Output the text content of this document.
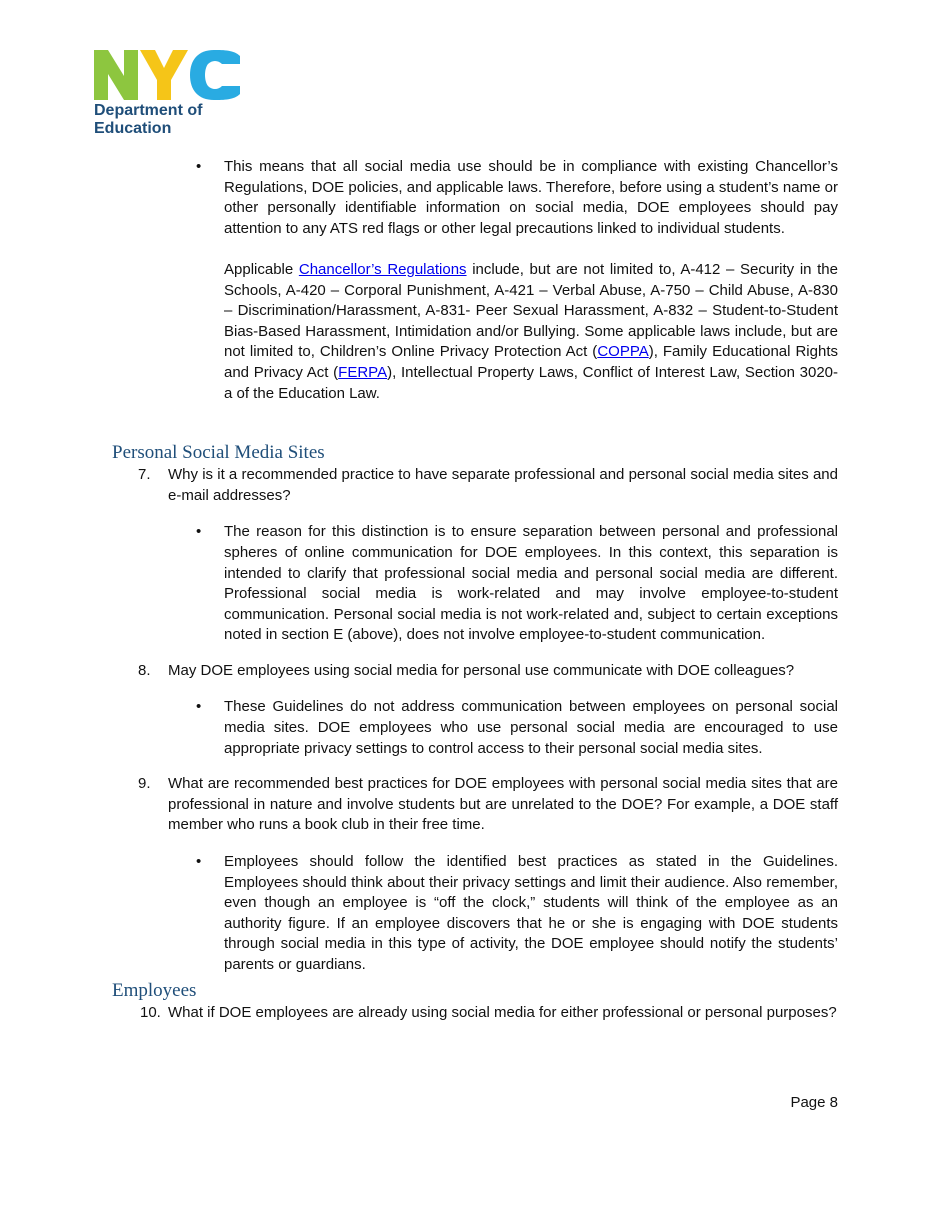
Department of
Education
• This means that all social media use should be in compliance with existing Chancellor’s Regulations, DOE policies, and applicable laws. Therefore, before using a student’s name or other personally identifiable information on social media, DOE employees should pay attention to any ATS red flags or other legal precautions linked to individual students.

Applicable Chancellor’s Regulations include, but are not limited to, A-412 – Security in the Schools, A-420 – Corporal Punishment, A-421 – Verbal Abuse, A-750 – Child Abuse, A-830 – Discrimination/Harassment, A-831- Peer Sexual Harassment, A-832 – Student-to-Student Bias-Based Harassment, Intimidation and/or Bullying. Some applicable laws include, but are not limited to, Children’s Online Privacy Protection Act (COPPA), Family Educational Rights and Privacy Act (FERPA), Intellectual Property Laws, Conflict of Interest Law, Section 3020-a of the Education Law.

Personal Social Media Sites
7. Why is it a recommended practice to have separate professional and personal social media sites and e-mail addresses?
• The reason for this distinction is to ensure separation between personal and professional spheres of online communication for DOE employees. In this context, this separation is intended to clarify that professional social media and personal social media are different. Professional social media is work-related and may involve employee-to-student communication. Personal social media is not work-related and, subject to certain exceptions noted in section E (above), does not involve employee-to-student communication.
8. May DOE employees using social media for personal use communicate with DOE colleagues?
• These Guidelines do not address communication between employees on personal social media sites. DOE employees who use personal social media are encouraged to use appropriate privacy settings to control access to their personal social media sites.
9. What are recommended best practices for DOE employees with personal social media sites that are professional in nature and involve students but are unrelated to the DOE? For example, a DOE staff member who runs a book club in their free time.
• Employees should follow the identified best practices as stated in the Guidelines. Employees should think about their privacy settings and limit their audience. Also remember, even though an employee is “off the clock,” students will think of the employee as an authority figure. If an employee discovers that he or she is engaging with DOE students through social media in this type of activity, the DOE employee should notify the students’ parents or guardians.
Employees
10. What if DOE employees are already using social media for either professional or personal purposes?
Page 8
